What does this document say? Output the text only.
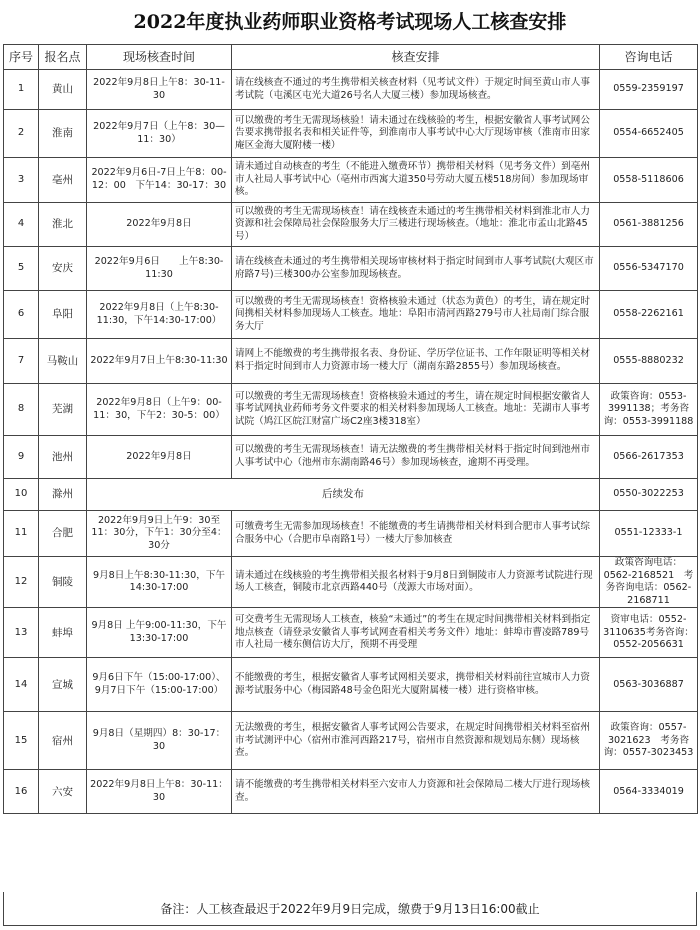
2022年度执业药师职业资格考试现场人工核查安排
序号	报名点	现场核查时间	核查安排	咨询电话
1	黄山	2022年9月8日上午8：30-11-30	请在线核查不通过的考生携带相关核查材料（见考试文件）于规定时间至黄山市人事考试院（屯溪区屯光大道26号名人大厦三楼）参加现场核查。	0559-2359197
2	淮南	2022年9月7日（上午8：30—11：30）	可以缴费的考生无需现场核验！请未通过在线核验的考生，根据安徽省人事考试网公告要求携带报名表和相关证件等，到淮南市人事考试中心大厅现场审核（淮南市田家庵区金海大厦附楼一楼）	0554-6652405
3	亳州	2022年9月6日-7日上午8：00-12：00　下午14：30-17：30	请未通过自动核查的考生（不能进入缴费环节）携带相关材料（见考务文件）到亳州市人社局人事考试中心（亳州市西寓大道350号劳动大厦五楼518房间）参加现场审核。	0558-5118606
4	淮北	2022年9月8日	可以缴费的考生无需现场核查！请在线核查未通过的考生携带相关材料到淮北市人力资源和社会保障局社会保险服务大厅三楼进行现场核查。（地址：淮北市孟山北路45号）	0561-3881256
5	安庆	2022年9月6日　　上午8:30-11:30	请在线核查未通过的考生携带相关现场审核材料于指定时间到市人事考试院(大观区市府路7号)三楼300办公室参加现场核查。	0556-5347170
6	阜阳	2022年9月8日（上午8:30-11:30，下午14:30-17:00）	可以缴费的考生无需现场核查！资格核验未通过（状态为黄色）的考生，请在规定时间携相关材料参加现场人工核查。地址：阜阳市清河西路279号市人社局南门综合服务大厅	0558-2262161
7	马鞍山	2022年9月7日上午8:30-11:30	请网上不能缴费的考生携带报名表、身份证、学历学位证书、工作年限证明等相关材料于指定时间到市人力资源市场一楼大厅（湖南东路2855号）参加现场核查。	0555-8880232
8	芜湖	2022年9月8日（上午9：00-11：30，下午2：30-5：00）	可以缴费的考生无需现场核查！资格核验未通过的考生，请在规定时间根据安徽省人事考试网执业药师考务文件要求的相关材料参加现场人工核查。地址：芜湖市人事考试院（鸠江区皖江财富广场C2座3楼318室）	政策咨询：0553-3991138；考务咨询：0553-3991188
9	池州	2022年9月8日	可以缴费的考生无需现场核查！请无法缴费的考生携带相关材料于指定时间到池州市人事考试中心（池州市东湖南路46号）参加现场核查，逾期不再受理。	0566-2617353
10	滁州	后续发布		0550-3022253
11	合肥	2022年9月9日上午9：30至11：30分，下午1：30分至4：30分	可缴费考生无需参加现场核查！不能缴费的考生请携带相关材料到合肥市人事考试综合服务中心（合肥市阜南路1号）一楼大厅参加核查	0551-12333-1
12	铜陵	9月8日上午8:30-11:30，下午14:30-17:00	请未通过在线核验的考生携带相关报名材料于9月8日到铜陵市人力资源考试院进行现场人工核查，铜陵市北京西路440号（茂源大市场对面）。	政策咨询电话：0562-2168521　考务咨询电话：0562-2168711
13	蚌埠	9月8日 上午9:00-11:30，下午13:30-17:00	可交费考生无需现场人工核查，核验“未通过”的考生在规定时间携带相关材料到指定地点核查（请登录安徽省人事考试网查看相关考务文件）地址：蚌埠市曹凌路789号市人社局一楼东侧信访大厅，预期不再受理	资审电话：0552-3110635考务咨询：0552-2056631
14	宣城	9月6日下午（15:00-17:00）、9月7日下午（15:00-17:00）	不能缴费的考生，根据安徽省人事考试网相关要求，携带相关材料前往宣城市人力资源考试服务中心（梅园路48号金色阳光大厦附属楼一楼）进行资格审核。	0563-3036887
15	宿州	9月8日（星期四）8：30-17：30	无法缴费的考生，根据安徽省人事考试网公告要求，在规定时间携带相关材料至宿州市考试测评中心（宿州市淮河西路217号，宿州市自然资源和规划局东侧）现场核查。	政策咨询：0557-3021623　考务咨询：0557-3023453
16	六安	2022年9月8日上午8：30-11：30	请不能缴费的考生携带相关材料至六安市人力资源和社会保障局二楼大厅进行现场核查。	0564-3334019
备注：人工核查最迟于2022年9月9日完成，缴费于9月13日16:00截止
